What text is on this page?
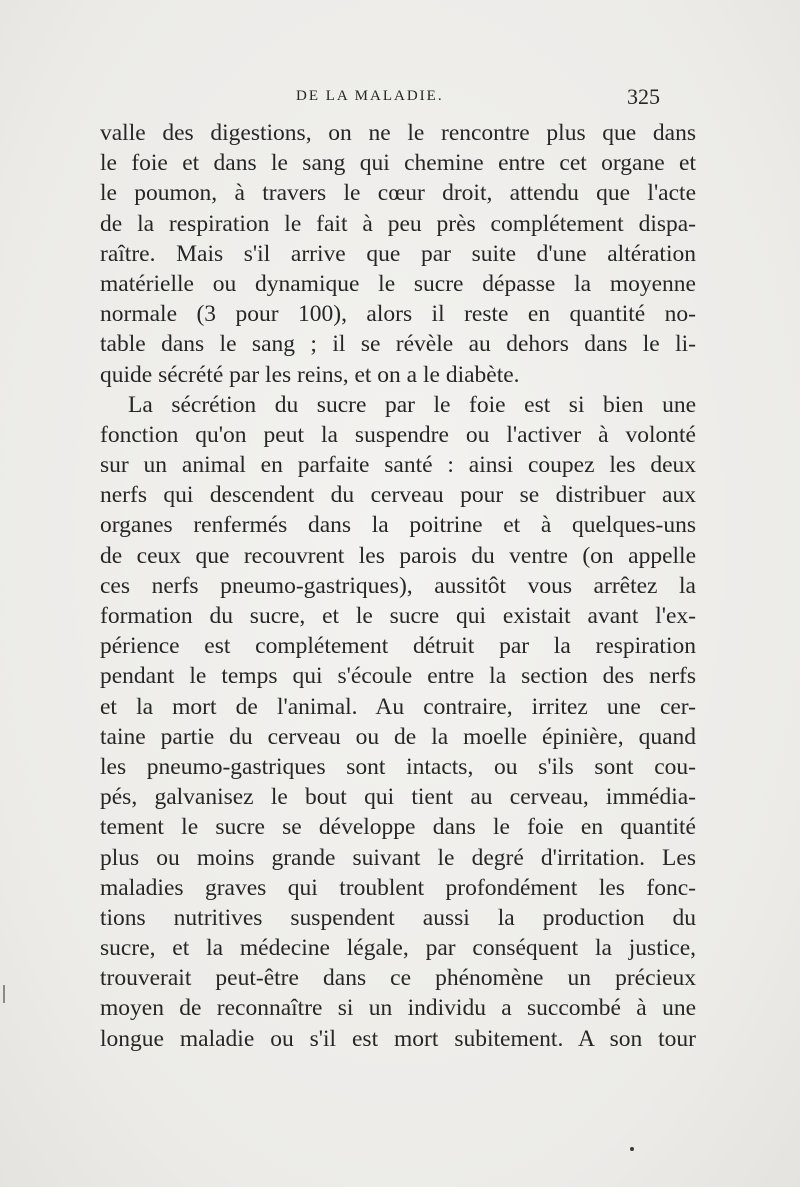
DE LA MALADIE.	325
valle des digestions, on ne le rencontre plus que dans
le foie et dans le sang qui chemine entre cet organe et
le poumon, à travers le cœur droit, attendu que l'acte
de la respiration le fait à peu près complétement dispa-
raître. Mais s'il arrive que par suite d'une altération
matérielle ou dynamique le sucre dépasse la moyenne
normale (3 pour 100), alors il reste en quantité no-
table dans le sang ; il se révèle au dehors dans le li-
quide sécrété par les reins, et on a le diabète.
La sécrétion du sucre par le foie est si bien une
fonction qu'on peut la suspendre ou l'activer à volonté
sur un animal en parfaite santé : ainsi coupez les deux
nerfs qui descendent du cerveau pour se distribuer aux
organes renfermés dans la poitrine et à quelques-uns
de ceux que recouvrent les parois du ventre (on appelle
ces nerfs pneumo-gastriques), aussitôt vous arrêtez la
formation du sucre, et le sucre qui existait avant l'ex-
périence est complétement détruit par la respiration
pendant le temps qui s'écoule entre la section des nerfs
et la mort de l'animal. Au contraire, irritez une cer-
taine partie du cerveau ou de la moelle épinière, quand
les pneumo-gastriques sont intacts, ou s'ils sont cou-
pés, galvanisez le bout qui tient au cerveau, immédia-
tement le sucre se développe dans le foie en quantité
plus ou moins grande suivant le degré d'irritation. Les
maladies graves qui troublent profondément les fonc-
tions nutritives suspendent aussi la production du
sucre, et la médecine légale, par conséquent la justice,
trouverait peut-être dans ce phénomène un précieux
moyen de reconnaître si un individu a succombé à une
longue maladie ou s'il est mort subitement. A son tour
